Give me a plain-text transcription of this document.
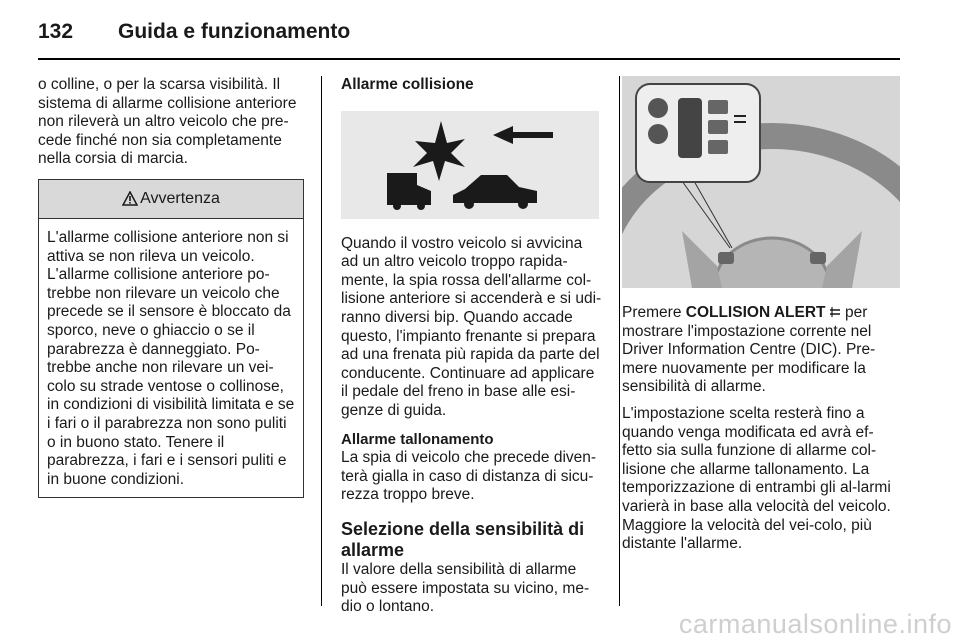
132 Guida e funzionamento

o colline, o per la scarsa visibilità. Il sistema di allarme collisione anteriore non rileverà un altro veicolo che pre-cede finché non sia completamente nella corsia di marcia.

Avvertenza
L'allarme collisione anteriore non si attiva se non rileva un veicolo. L'allarme collisione anteriore po-trebbe non rilevare un veicolo che precede se il sensore è bloccato da sporco, neve o ghiaccio o se il parabrezza è danneggiato. Po-trebbe anche non rilevare un vei-colo su strade ventose o collinose, in condizioni di visibilità limitata e se i fari o il parabrezza non sono puliti o in buono stato. Tenere il parabrezza, i fari e i sensori puliti e in buone condizioni.
Allarme collisione

Quando il vostro veicolo si avvicina ad un altro veicolo troppo rapida-mente, la spia rossa dell'allarme col-lisione anteriore si accenderà e si udi-ranno diversi bip. Quando accade questo, l'impianto frenante si prepara ad una frenata più rapida da parte del conducente. Continuare ad applicare il pedale del freno in base alle esi-genze di guida.

Allarme tallonamento

La spia di veicolo che precede diven-terà gialla in caso di distanza di sicu-rezza troppo breve.

Selezione della sensibilità di allarme

Il valore della sensibilità di allarme può essere impostata su vicino, me-dio o lontano.

Premere COLLISION ALERT  per mostrare l'impostazione corrente nel Driver Information Centre (DIC). Pre-mere nuovamente per modificare la sensibilità di allarme.

L'impostazione scelta resterà fino a quando venga modificata ed avrà ef-fetto sia sulla funzione di allarme col-lisione che allarme tallonamento. La temporizzazione di entrambi gli al-larmi varierà in base alla velocità del veicolo. Maggiore la velocità del vei-colo, più distante l'allarme.

carmanualsonline.info
